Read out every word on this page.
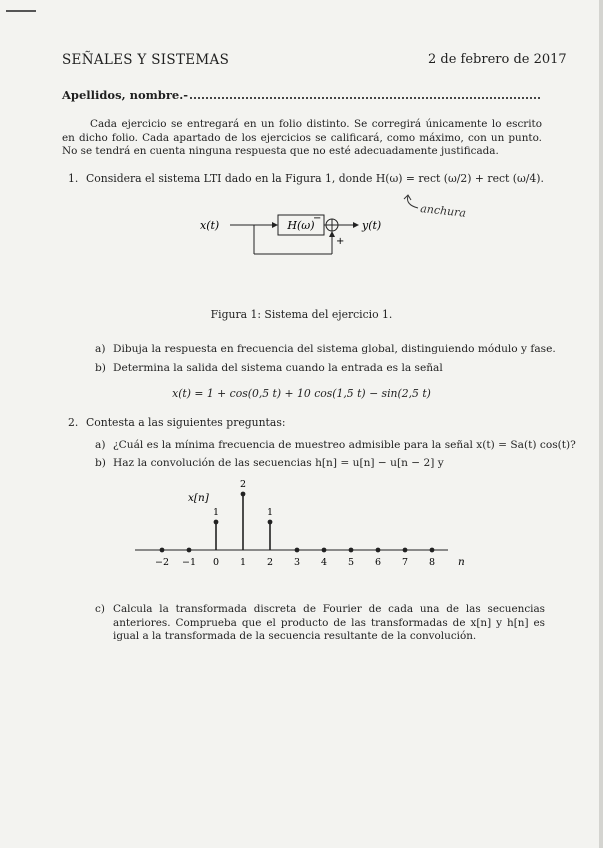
SEÑALES Y SISTEMAS	2 de febrero de 2017
Apellidos, nombre.-
Cada ejercicio se entregará en un folio distinto. Se corregirá únicamente lo escrito en dicho folio. Cada apartado de los ejercicios se calificará, como máximo, con un punto. No se tendrá en cuenta ninguna respuesta que no esté adecuadamente justificada.
1. Considera el sistema LTI dado en la Figura 1, donde H(ω) = rect (ω/2) + rect (ω/4).
anchura
x(t)	H(ω)	y(t)
−
+
Figura 1: Sistema del ejercicio 1.
a) Dibuja la respuesta en frecuencia del sistema global, distinguiendo módulo y fase.
b) Determina la salida del sistema cuando la entrada es la señal
x(t) = 1 + cos(0,5 t) + 10 cos(1,5 t) − sin(2,5 t)
2. Contesta a las siguientes preguntas:
a) ¿Cuál es la mínima frecuencia de muestreo admisible para la señal x(t) = Sa(t) cos(t)?
b) Haz la convolución de las secuencias h[n] = u[n] − u[n − 2] y
x[n]
n
−2 −1
1
0
2
1
1
2 3 4 5 6 7 8
c) Calcula la transformada discreta de Fourier de cada una de las secuencias anteriores. Comprueba que el producto de las transformadas de x[n] y h[n] es igual a la transformada de la secuencia resultante de la convolución.
